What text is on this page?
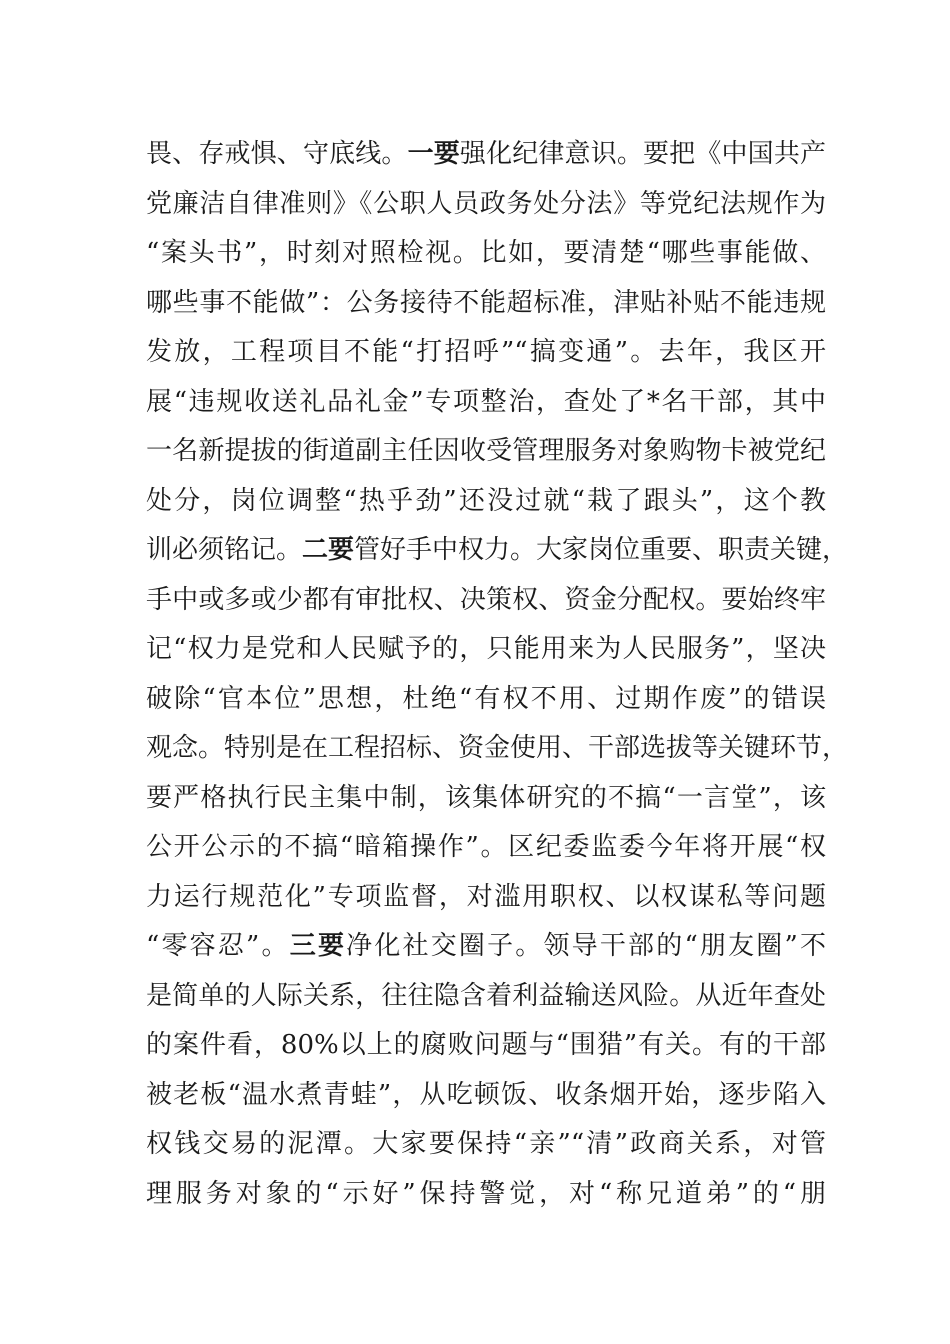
畏、存戒惧、守底线。一要强化纪律意识。要把《中国共产
党廉洁自律准则》《公职人员政务处分法》等党纪法规作为
“案头书”，时刻对照检视。比如，要清楚“哪些事能做、
哪些事不能做”：公务接待不能超标准，津贴补贴不能违规
发放，工程项目不能“打招呼”“搞变通”。去年，我区开
展“违规收送礼品礼金”专项整治，查处了*名干部，其中
一名新提拔的街道副主任因收受管理服务对象购物卡被党纪
处分，岗位调整“热乎劲”还没过就“栽了跟头”，这个教
训必须铭记。二要管好手中权力。大家岗位重要、职责关键，
手中或多或少都有审批权、决策权、资金分配权。要始终牢
记“权力是党和人民赋予的，只能用来为人民服务”，坚决
破除“官本位”思想，杜绝“有权不用、过期作废”的错误
观念。特别是在工程招标、资金使用、干部选拔等关键环节，
要严格执行民主集中制，该集体研究的不搞“一言堂”，该
公开公示的不搞“暗箱操作”。区纪委监委今年将开展“权
力运行规范化”专项监督，对滥用职权、以权谋私等问题
“零容忍”。三要净化社交圈子。领导干部的“朋友圈”不
是简单的人际关系，往往隐含着利益输送风险。从近年查处
的案件看，80%以上的腐败问题与“围猎”有关。有的干部
被老板“温水煮青蛙”，从吃顿饭、收条烟开始，逐步陷入
权钱交易的泥潭。大家要保持“亲”“清”政商关系，对管
理服务对象的“示好”保持警觉，对“称兄道弟”的“朋
